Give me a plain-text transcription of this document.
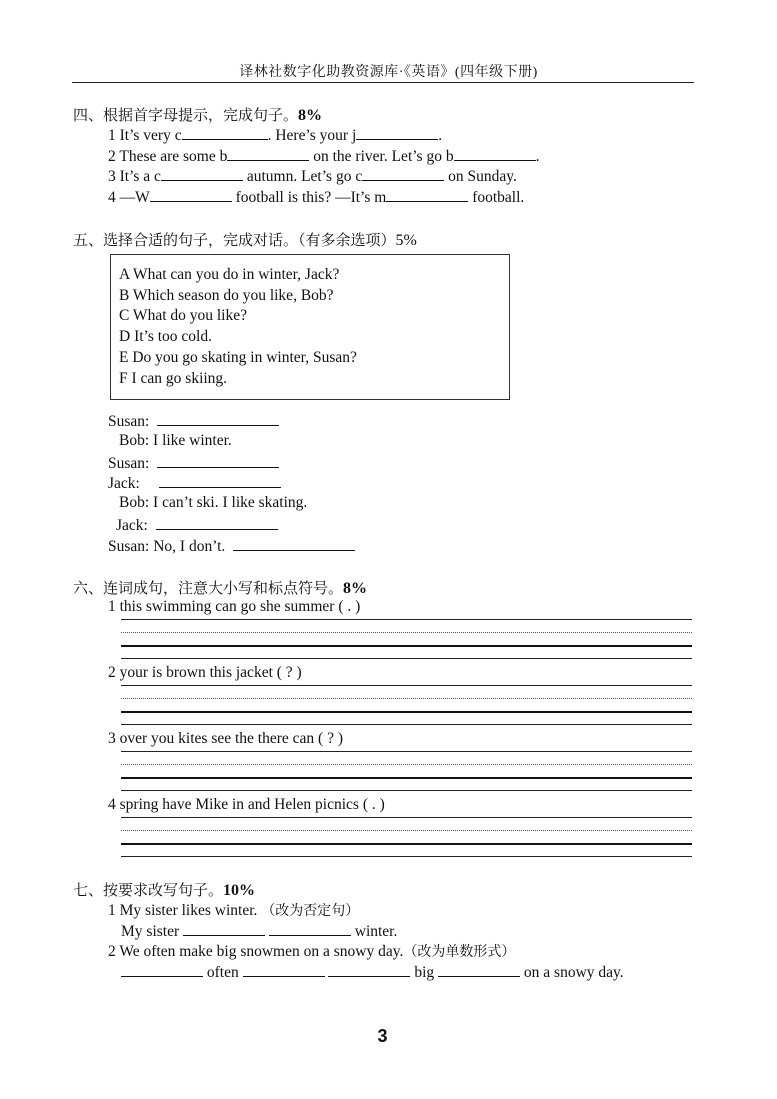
译林社数字化助教资源库·《英语》(四年级下册)
四、根据首字母提示，完成句子。8%
1 It’s very c	. Here’s your j	.
2 These are some b	on the river. Let’s go b	.
3 It’s a c	autumn. Let’s go c	on Sunday.
4 —W	football is this? —It’s m	football.
五、选择合适的句子，完成对话。（有多余选项）5%
A What can you do in winter, Jack?
B Which season do you like, Bob?
C What do you like?
D It’s too cold.
E Do you go skating in winter, Susan?
F I can go skiing.
Susan:
Bob: I like winter.
Susan:
Jack:
Bob: I can’t ski. I like skating.
Jack:
Susan: No, I don’t.
六、连词成句，注意大小写和标点符号。8%
1 this swimming can go she summer ( . )
2 your is brown this jacket ( ? )
3 over you kites see the there can ( ? )
4 spring have Mike in and Helen picnics ( . )
七、按要求改写句子。10%
1 My sister likes winter. （改为否定句）
My sister	winter.
2 We often make big snowmen on a snowy day.（改为单数形式）
often	big	on a snowy day.
3
